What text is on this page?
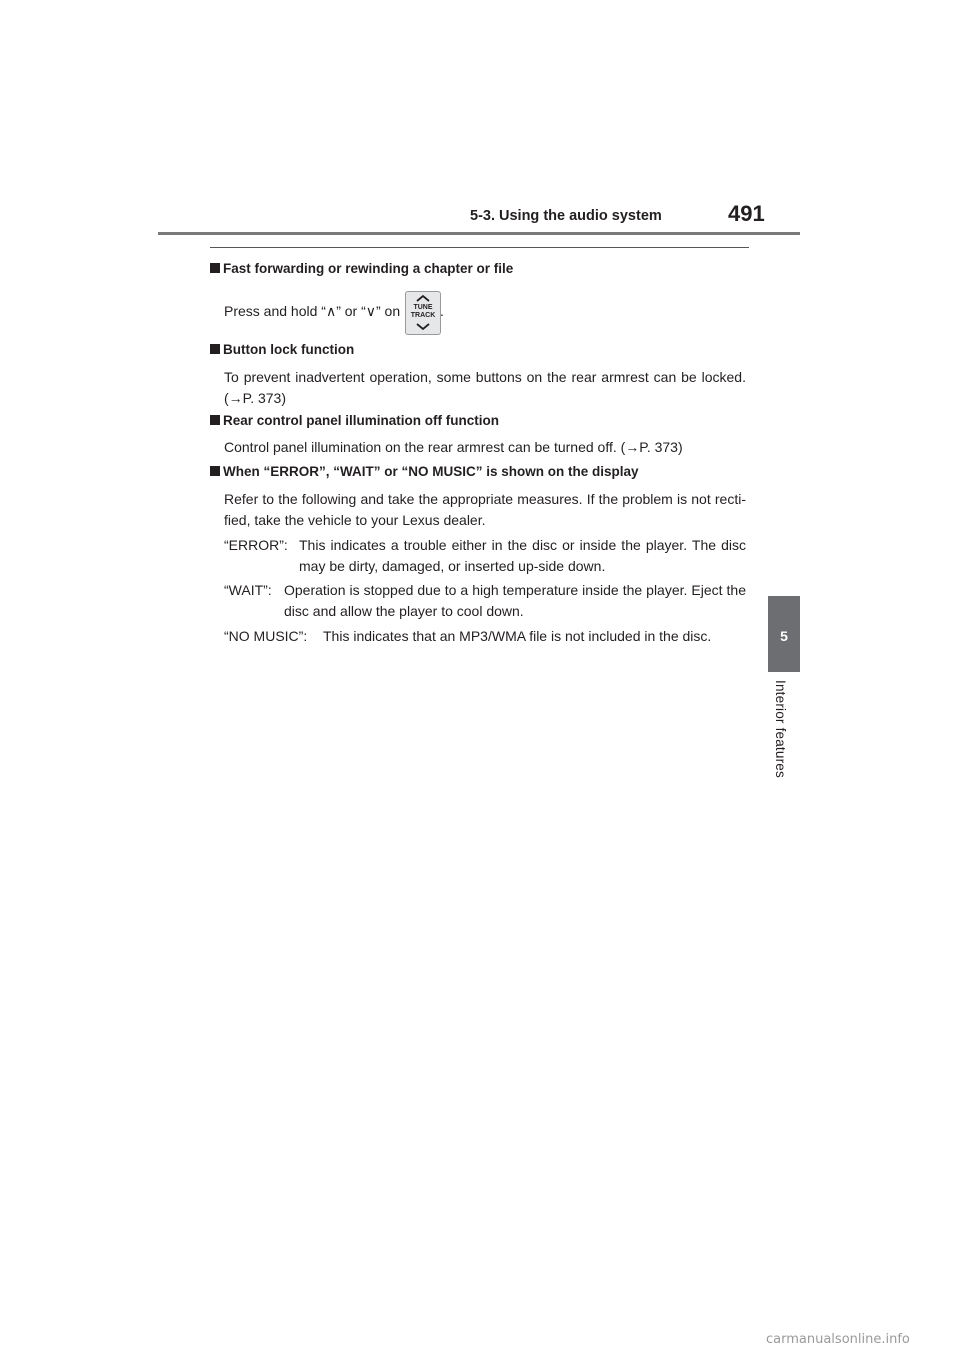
5-3. Using the audio system	491
5
Interior features
Fast forwarding or rewinding a chapter or file
Press and hold “∧” or “∨” on	TUNE
TRACK .
Button lock function
To prevent inadvertent operation, some buttons on the rear armrest can be locked.
(→P. 373)
Rear control panel illumination off function
Control panel illumination on the rear armrest can be turned off. (→P. 373)
When “ERROR”, “WAIT” or “NO MUSIC” is shown on the display
Refer to the following and take the appropriate measures. If the problem is not recti-
fied, take the vehicle to your Lexus dealer.
“ERROR”: This indicates a trouble either in the disc or inside the player. The disc
may be dirty, damaged, or inserted up-side down.
“WAIT”: Operation is stopped due to a high temperature inside the player. Eject the
disc and allow the player to cool down.
“NO MUSIC”: This indicates that an MP3/WMA file is not included in the disc.
carmanualsonline.info
